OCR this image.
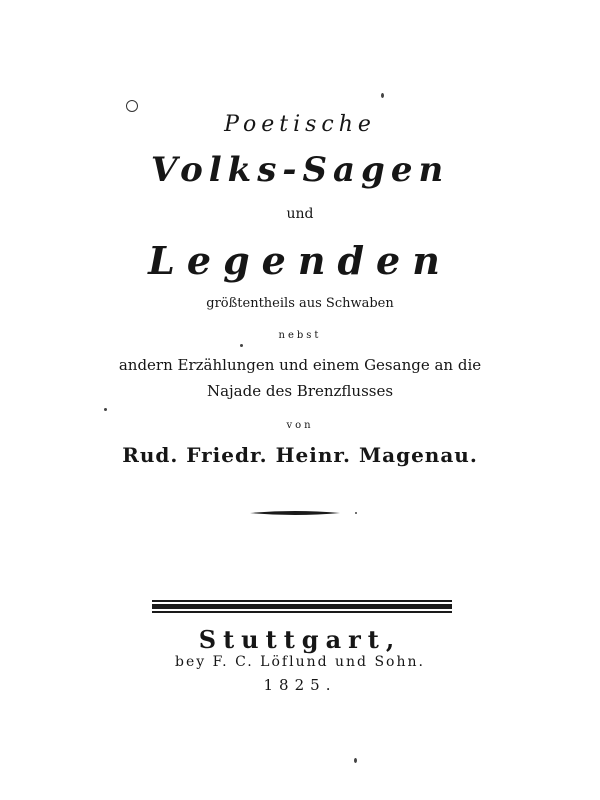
Poetische
Volks-Sagen
und
Legenden
größtentheils aus Schwaben
nebst
andern Erzählungen und einem Gesange an die
Najade des Brenzflusses
von
Rud. Friedr. Heinr. Magenau.
Stuttgart,
bey F. C. Löflund und Sohn.
1825.
